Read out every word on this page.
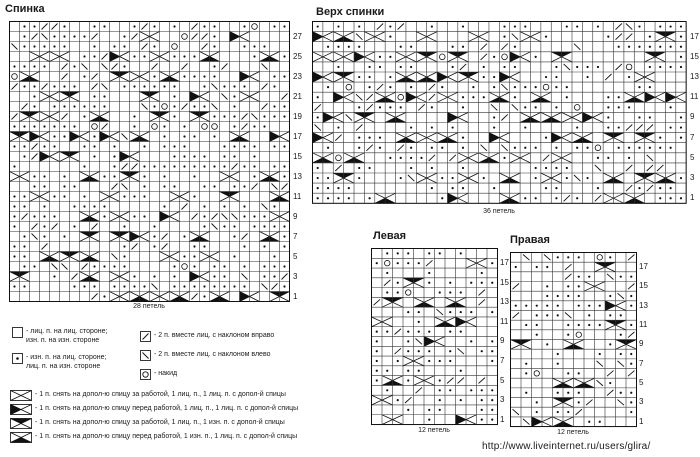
Спинка	Верх спинки
Левая	Правая
28 петель
36 петель
12 петель	12 петель
- лиц. п. на лиц. стороне;
изн. п. на изн. стороне
- изн. п. на лиц. стороне;
лиц. п. на изн. стороне
- 2 п. вместе лиц. с наклоном вправо
- 2 п. вместе лиц. с наклоном влево
- накид
- 1 п. снять на допол-ю спицу за работой, 1 лиц. п., 1 лиц. п. с допол-й спицы
- 1 п. снять на допол-ю спицу перед работой, 1 лиц. п., 1 лиц. п. с допол-й спицы
- 1 п. снять на допол-ю спицу за работой, 1 лиц. п., 1 изн. п. с допол-й спицы
- 1 п. снять на допол-ю спицу перед работой, 1 изн. п., 1 лиц. п. с допол-й спицы
http://www.liveinternet.ru/users/glira/
27
25
23
21
19
17
15
13
11
9
7
5
3
1
17
15
13
11
9
7
5
3
1
17
15
13
11
9
7
5
3
1
17
15
13
11
9
7
5
3
1
